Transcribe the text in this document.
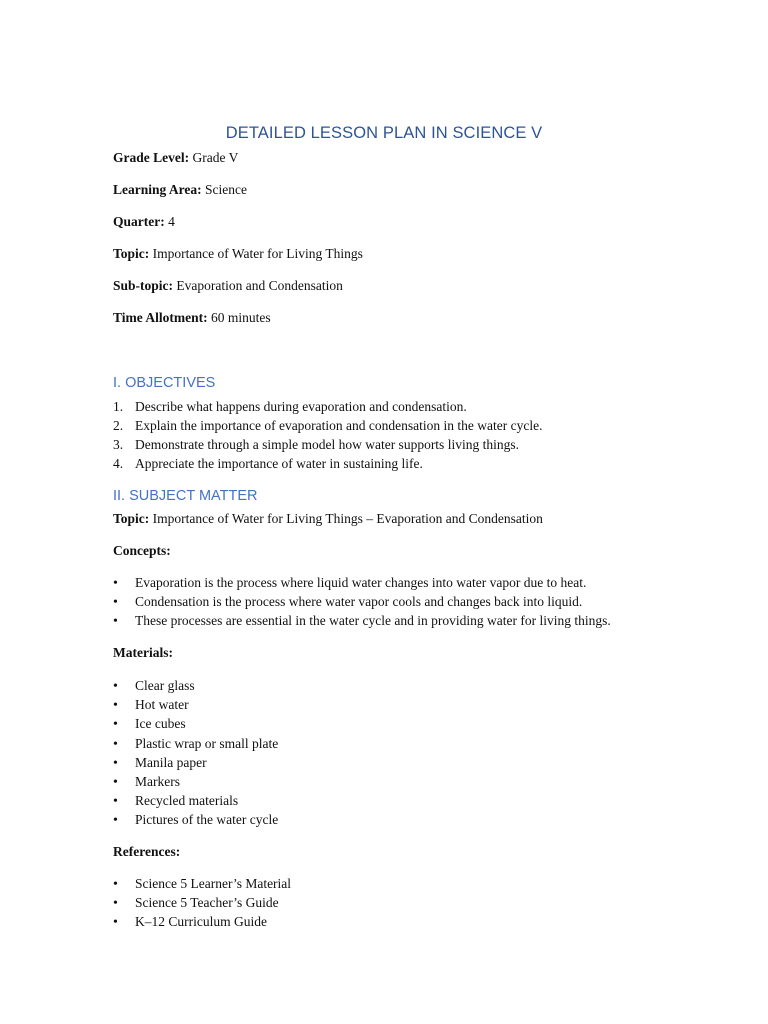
DETAILED LESSON PLAN IN SCIENCE V
Grade Level: Grade V
Learning Area: Science
Quarter: 4
Topic: Importance of Water for Living Things
Sub-topic: Evaporation and Condensation
Time Allotment: 60 minutes
I. OBJECTIVES
1. Describe what happens during evaporation and condensation.
2. Explain the importance of evaporation and condensation in the water cycle.
3. Demonstrate through a simple model how water supports living things.
4. Appreciate the importance of water in sustaining life.
II. SUBJECT MATTER
Topic: Importance of Water for Living Things – Evaporation and Condensation
Concepts:
• Evaporation is the process where liquid water changes into water vapor due to heat.
• Condensation is the process where water vapor cools and changes back into liquid.
• These processes are essential in the water cycle and in providing water for living things.
Materials:
• Clear glass
• Hot water
• Ice cubes
• Plastic wrap or small plate
• Manila paper
• Markers
• Recycled materials
• Pictures of the water cycle
References:
• Science 5 Learner’s Material
• Science 5 Teacher’s Guide
• K–12 Curriculum Guide
